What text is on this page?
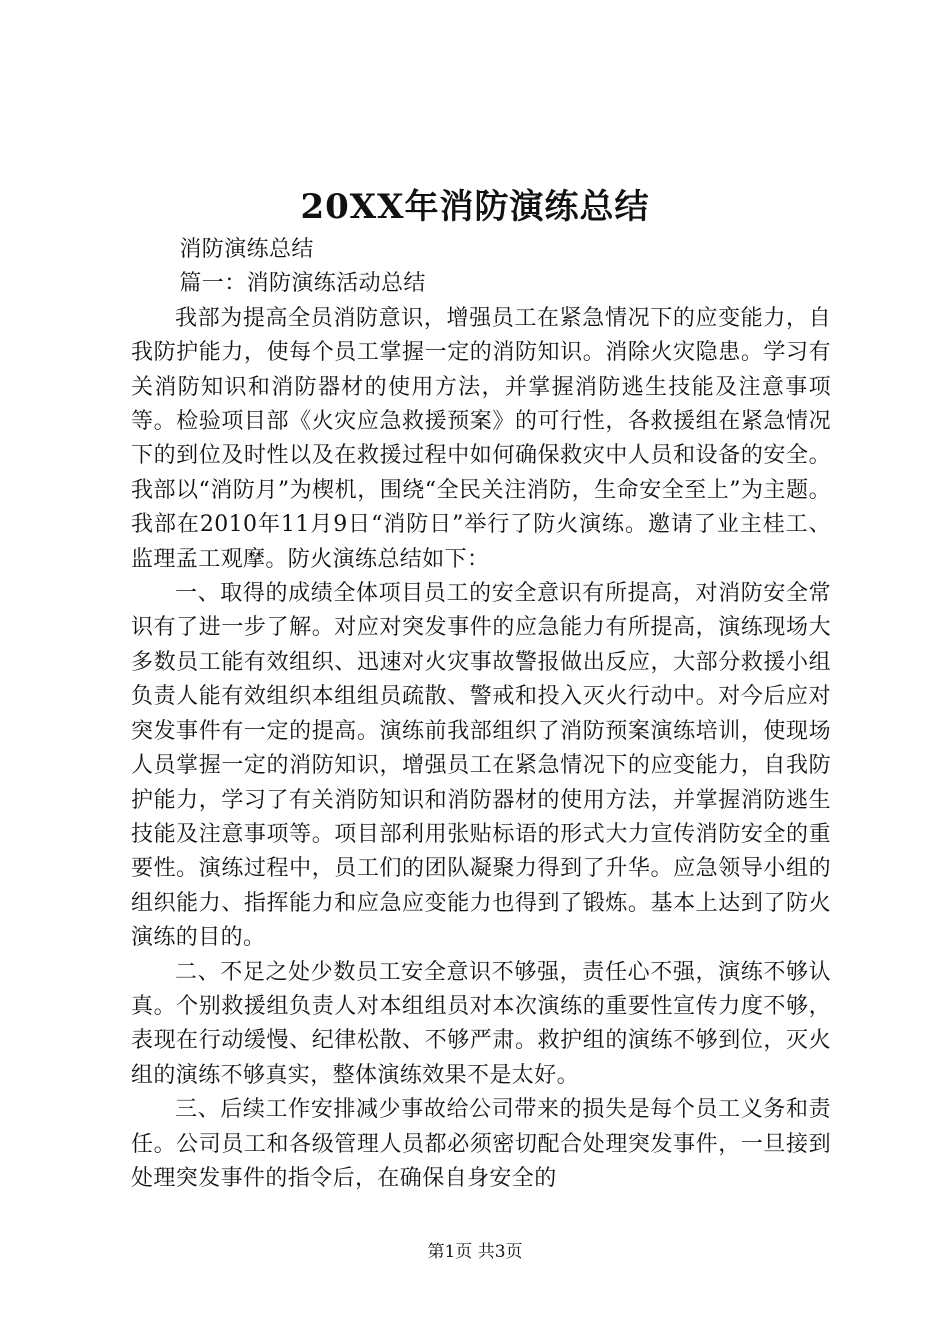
20XX年消防演练总结

消防演练总结

篇一：消防演练活动总结

我部为提高全员消防意识，增强员工在紧急情况下的应变能力，自我防护能力，使每个员工掌握一定的消防知识。消除火灾隐患。学习有关消防知识和消防器材的使用方法，并掌握消防逃生技能及注意事项等。检验项目部《火灾应急救援预案》的可行性，各救援组在紧急情况下的到位及时性以及在救援过程中如何确保救灾中人员和设备的安全。我部以“消防月”为楔机，围绕“全民关注消防，生命安全至上”为主题。我部在2010年11月9日“消防日”举行了防火演练。邀请了业主桂工、监理孟工观摩。防火演练总结如下：

一、取得的成绩全体项目员工的安全意识有所提高，对消防安全常识有了进一步了解。对应对突发事件的应急能力有所提高，演练现场大多数员工能有效组织、迅速对火灾事故警报做出反应，大部分救援小组负责人能有效组织本组组员疏散、警戒和投入灭火行动中。对今后应对突发事件有一定的提高。演练前我部组织了消防预案演练培训，使现场人员掌握一定的消防知识，增强员工在紧急情况下的应变能力，自我防护能力，学习了有关消防知识和消防器材的使用方法，并掌握消防逃生技能及注意事项等。项目部利用张贴标语的形式大力宣传消防安全的重要性。演练过程中，员工们的团队凝聚力得到了升华。应急领导小组的组织能力、指挥能力和应急应变能力也得到了锻炼。基本上达到了防火演练的目的。

二、不足之处少数员工安全意识不够强，责任心不强，演练不够认真。个别救援组负责人对本组组员对本次演练的重要性宣传力度不够，表现在行动缓慢、纪律松散、不够严肃。救护组的演练不够到位，灭火组的演练不够真实，整体演练效果不是太好。

三、后续工作安排减少事故给公司带来的损失是每个员工义务和责任。公司员工和各级管理人员都必须密切配合处理突发事件，一旦接到处理突发事件的指令后，在确保自身安全的

第1页 共3页
